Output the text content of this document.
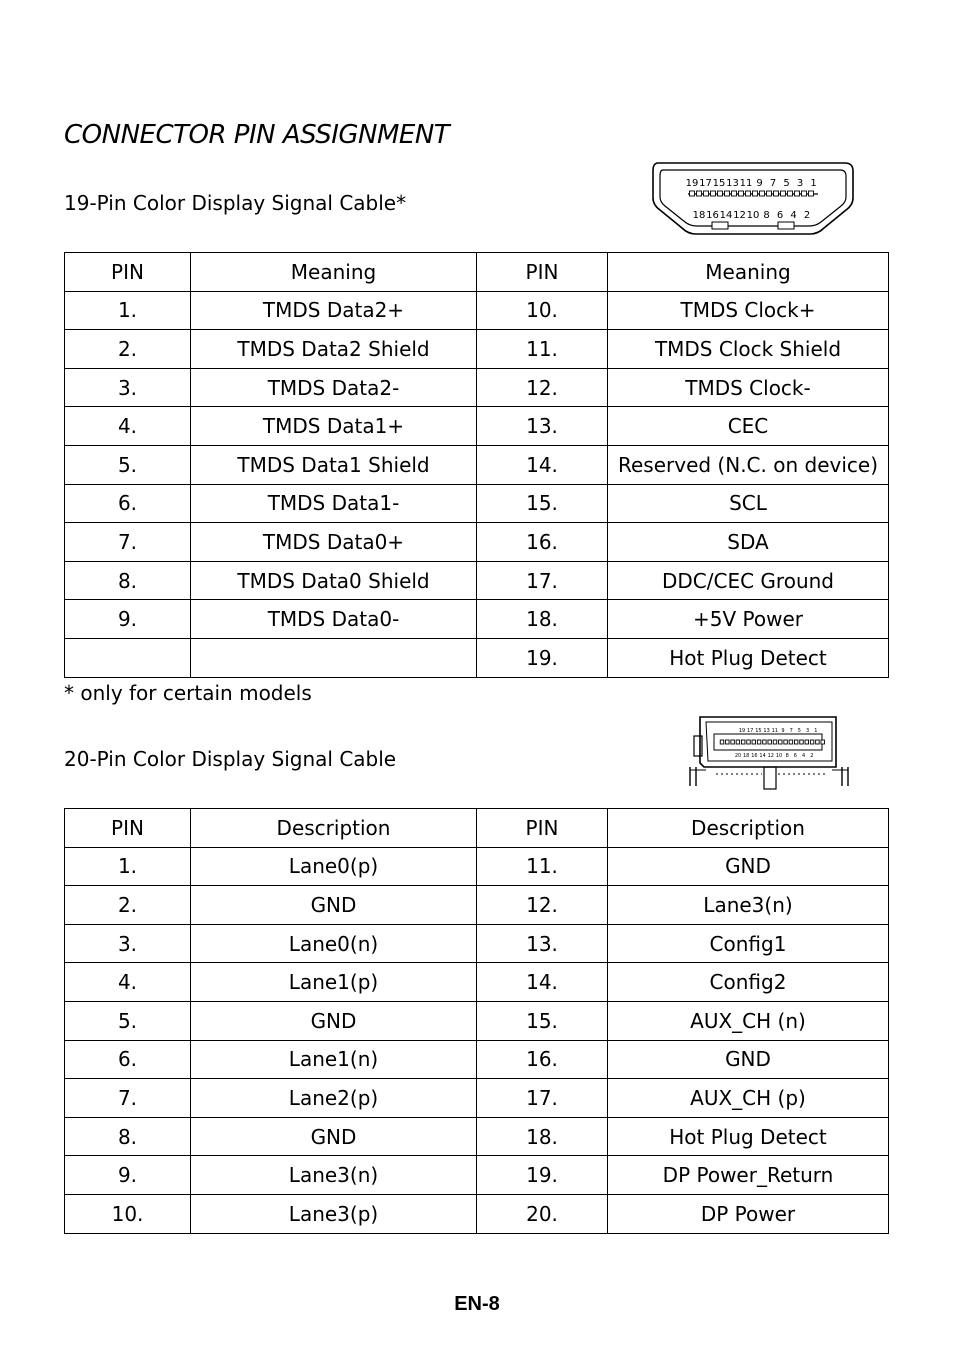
CONNECTOR PIN ASSIGNMENT
19-Pin Color Display Signal Cable*
19 17 15 13 11 9 7 5 3 1
18 16 14 12 10 8 6 4 2
PIN	Meaning	PIN	Meaning
1.	TMDS Data2+	10.	TMDS Clock+
2.	TMDS Data2 Shield	11.	TMDS Clock Shield
3.	TMDS Data2-	12.	TMDS Clock-
4.	TMDS Data1+	13.	CEC
5.	TMDS Data1 Shield	14.	Reserved (N.C. on device)
6.	TMDS Data1-	15.	SCL
7.	TMDS Data0+	16.	SDA
8.	TMDS Data0 Shield	17.	DDC/CEC Ground
9.	TMDS Data0-	18.	+5V Power
		19.	Hot Plug Detect
* only for certain models
20-Pin Color Display Signal Cable
19 17 15 13 11 9 7 5 3 1
20 18 16 14 12 10 8 6 4 2
PIN	Description	PIN	Description
1.	Lane0(p)	11.	GND
2.	GND	12.	Lane3(n)
3.	Lane0(n)	13.	Config1
4.	Lane1(p)	14.	Config2
5.	GND	15.	AUX_CH (n)
6.	Lane1(n)	16.	GND
7.	Lane2(p)	17.	AUX_CH (p)
8.	GND	18.	Hot Plug Detect
9.	Lane3(n)	19.	DP Power_Return
10.	Lane3(p)	20.	DP Power
EN-8
